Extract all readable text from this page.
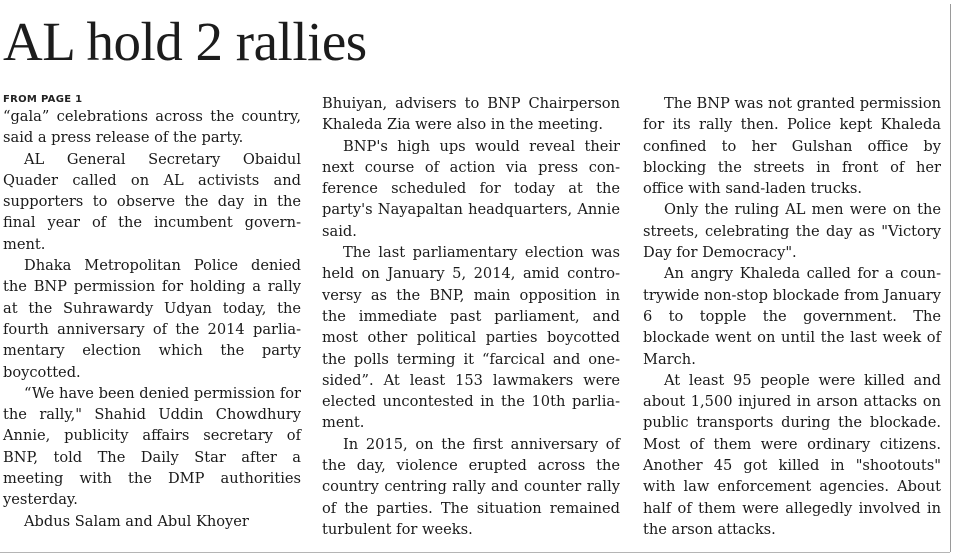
AL hold 2 rallies
FROM PAGE 1

“gala” celebrations across the country, said a press release of the party.

AL General Secretary Obaidul Quader called on AL activists and supporters to observe the day in the final year of the incumbent government.

Dhaka Metropolitan Police denied the BNP permission for holding a rally at the Suhrawardy Udyan today, the fourth anniversary of the 2014 parliamentary election which the party boycotted.

“We have been denied permission for the rally," Shahid Uddin Chowdhury Annie, publicity affairs secretary of BNP, told The Daily Star after a meeting with the DMP authorities yesterday.

Abdus Salam and Abul Khoyer

Bhuiyan, advisers to BNP Chairperson Khaleda Zia were also in the meeting.

BNP's high ups would reveal their next course of action via press conference scheduled for today at the party's Nayapaltan headquarters, Annie said.

The last parliamentary election was held on January 5, 2014, amid controversy as the BNP, main opposition in the immediate past parliament, and most other political parties boycotted the polls terming it “farcical and one-sided”. At least 153 lawmakers were elected uncontested in the 10th parliament.

In 2015, on the first anniversary of the day, violence erupted across the country centring rally and counter rally of the parties. The situation remained turbulent for weeks.

The BNP was not granted permission for its rally then. Police kept Khaleda confined to her Gulshan office by blocking the streets in front of her office with sand-laden trucks.

Only the ruling AL men were on the streets, celebrating the day as "Victory Day for Democracy".

An angry Khaleda called for a countrywide non-stop blockade from January 6 to topple the government. The blockade went on until the last week of March.

At least 95 people were killed and about 1,500 injured in arson attacks on public transports during the blockade. Most of them were ordinary citizens. Another 45 got killed in "shootouts" with law enforcement agencies. About half of them were allegedly involved in the arson attacks.
